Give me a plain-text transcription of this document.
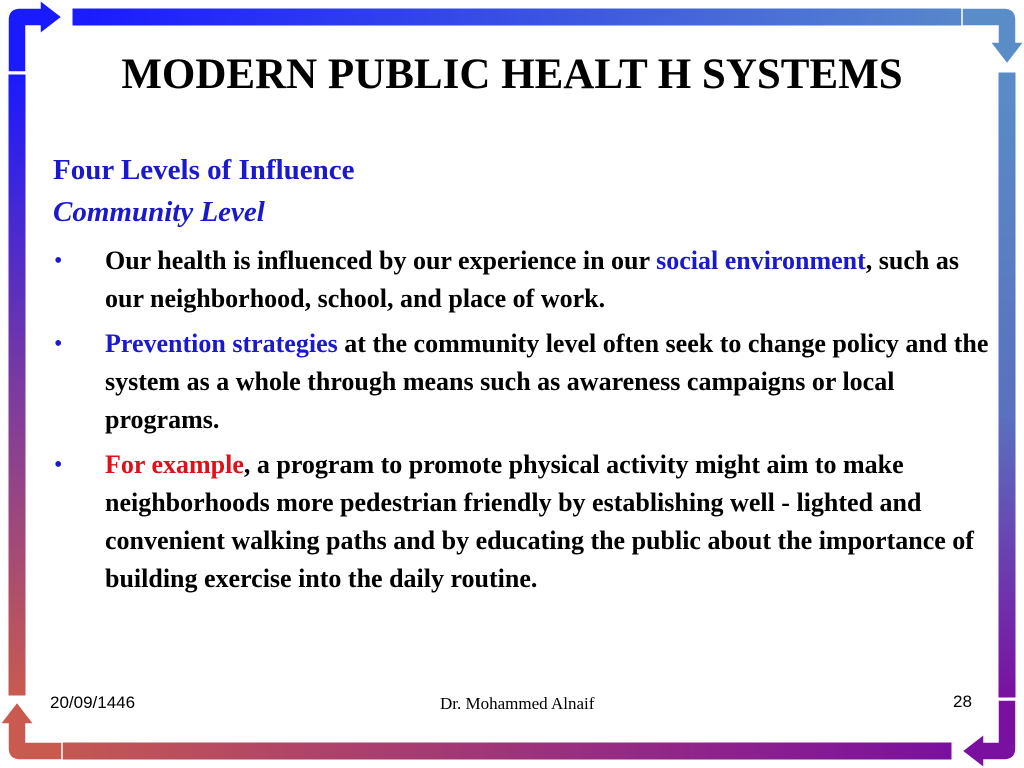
MODERN PUBLIC HEALT H SYSTEMS
Four Levels of Influence
Community Level
• Our health is influenced by our experience in our social environment, such as our neighborhood, school, and place of work.
• Prevention strategies at the community level often seek to change policy and the system as a whole through means such as awareness campaigns or local programs.
• For example, a program to promote physical activity might aim to make neighborhoods more pedestrian friendly by establishing well - lighted and convenient walking paths and by educating the public about the importance of building exercise into the daily routine.
20/09/1446	Dr. Mohammed Alnaif	28
